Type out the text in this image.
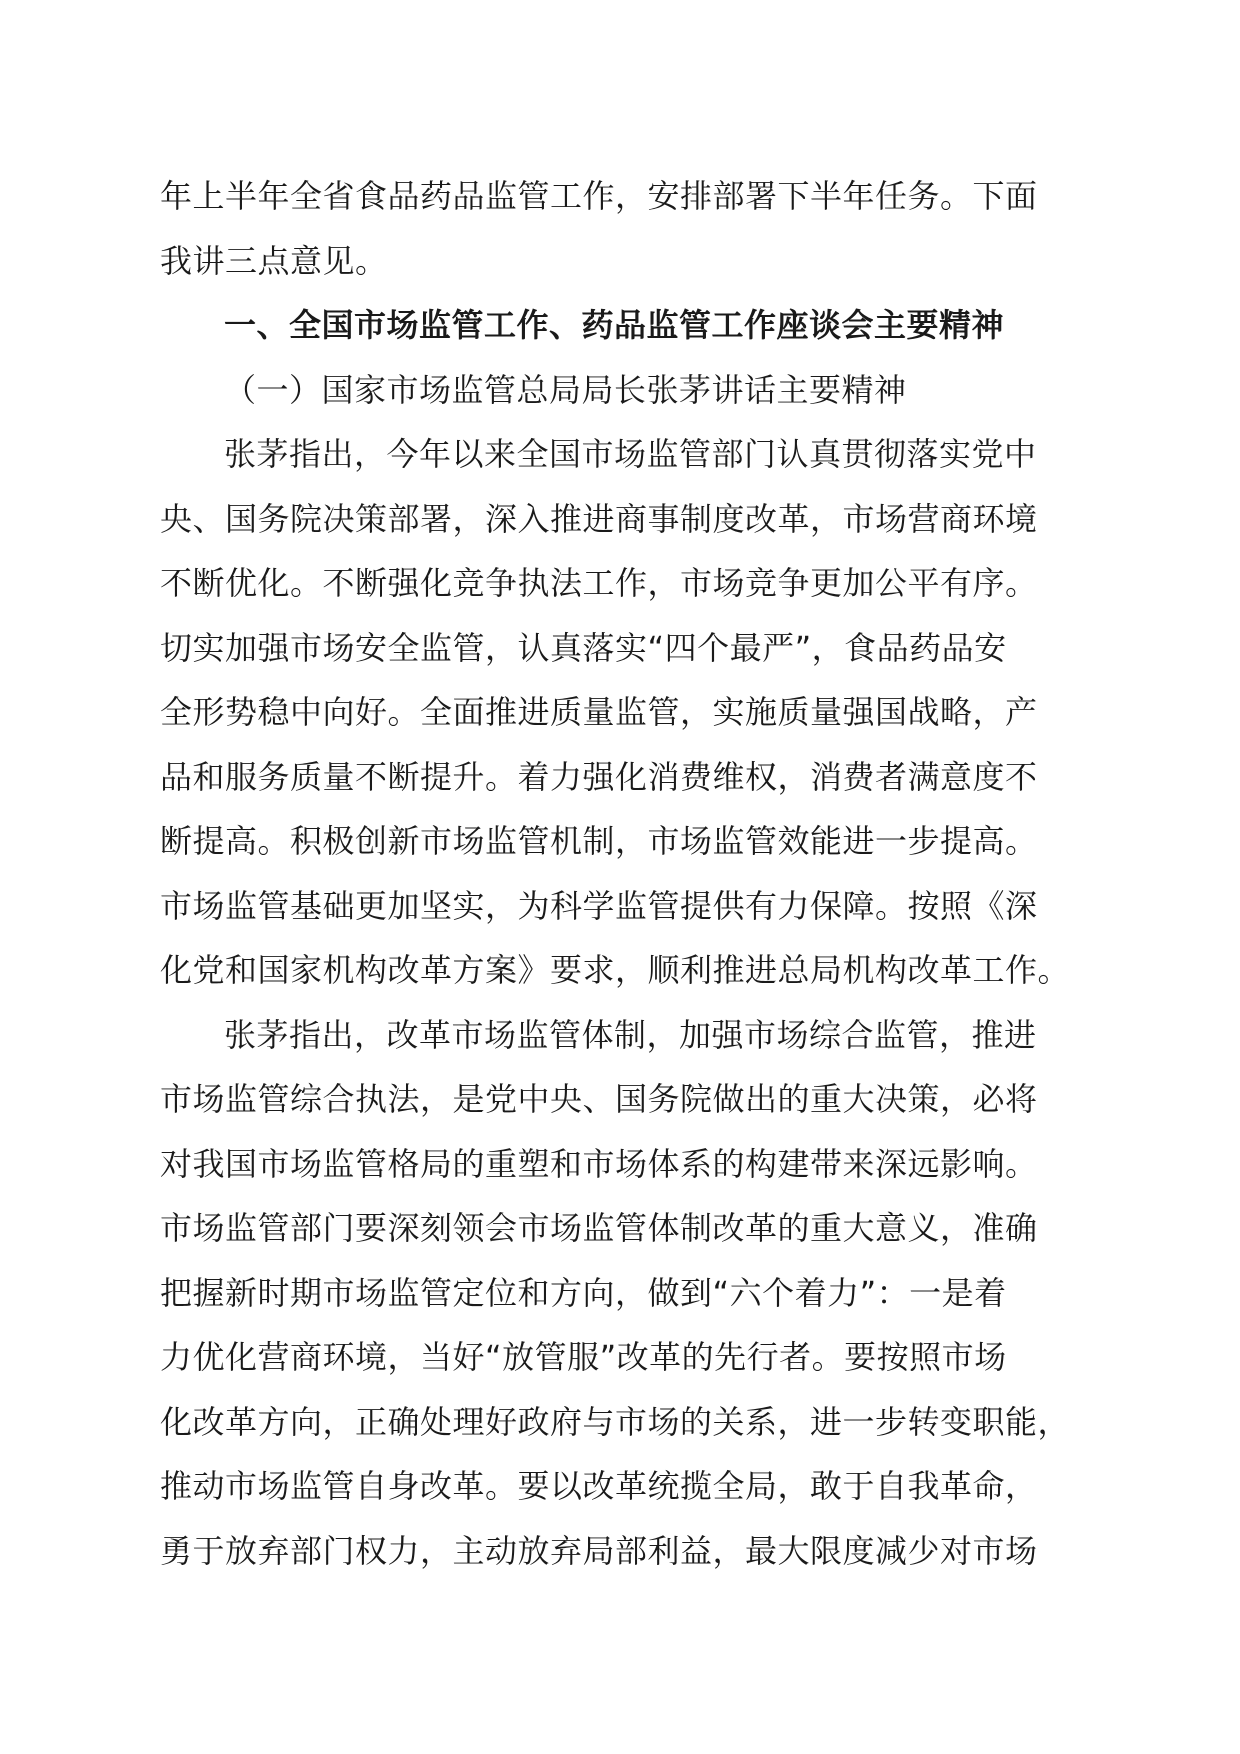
年上半年全省食品药品监管工作，安排部署下半年任务。下面
我讲三点意见。
一、全国市场监管工作、药品监管工作座谈会主要精神
（一）国家市场监管总局局长张茅讲话主要精神
张茅指出，今年以来全国市场监管部门认真贯彻落实党中
央、国务院决策部署，深入推进商事制度改革，市场营商环境
不断优化。不断强化竞争执法工作，市场竞争更加公平有序。
切实加强市场安全监管，认真落实“四个最严”，食品药品安
全形势稳中向好。全面推进质量监管，实施质量强国战略，产
品和服务质量不断提升。着力强化消费维权，消费者满意度不
断提高。积极创新市场监管机制，市场监管效能进一步提高。
市场监管基础更加坚实，为科学监管提供有力保障。按照《深
化党和国家机构改革方案》要求，顺利推进总局机构改革工作。
张茅指出，改革市场监管体制，加强市场综合监管，推进
市场监管综合执法，是党中央、国务院做出的重大决策，必将
对我国市场监管格局的重塑和市场体系的构建带来深远影响。
市场监管部门要深刻领会市场监管体制改革的重大意义，准确
把握新时期市场监管定位和方向，做到“六个着力”：一是着
力优化营商环境，当好“放管服”改革的先行者。要按照市场
化改革方向，正确处理好政府与市场的关系，进一步转变职能，
推动市场监管自身改革。要以改革统揽全局，敢于自我革命，
勇于放弃部门权力，主动放弃局部利益，最大限度减少对市场
